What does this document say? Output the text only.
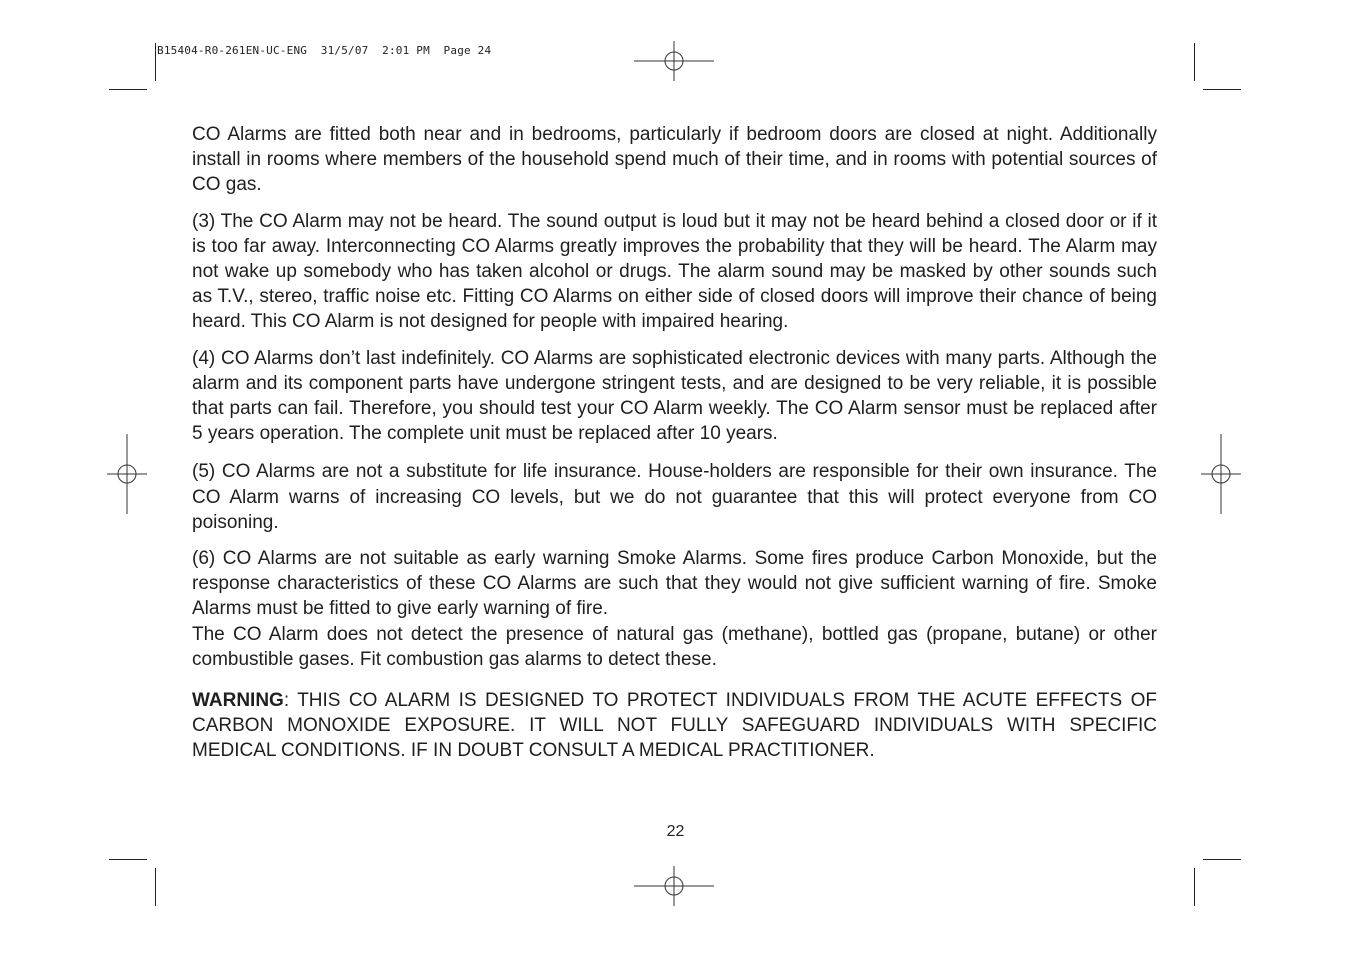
B15404-R0-261EN-UC-ENG  31/5/07  2:01 PM  Page 24

CO Alarms are fitted both near and in bedrooms, particularly if bedroom doors are closed at night. Additionally install in rooms where members of the household spend much of their time, and in rooms with potential sources of CO gas.

(3) The CO Alarm may not be heard. The sound output is loud but it may not be heard behind a closed door or if it is too far away. Interconnecting CO Alarms greatly improves the probability that they will be heard. The Alarm may not wake up somebody who has taken alcohol or drugs. The alarm sound may be masked by other sounds such as T.V., stereo, traffic noise etc. Fitting CO Alarms on either side of closed doors will improve their chance of being heard. This CO Alarm is not designed for people with impaired hearing.

(4) CO Alarms don’t last indefinitely. CO Alarms are sophisticated electronic devices with many parts. Although the alarm and its component parts have undergone stringent tests, and are designed to be very reliable, it is possible that parts can fail. Therefore, you should test your CO Alarm weekly. The CO Alarm sensor must be replaced after 5 years operation. The complete unit must be replaced after 10 years.

(5) CO Alarms are not a substitute for life insurance. House-holders are responsible for their own insurance. The CO Alarm warns of increasing CO levels, but we do not guarantee that this will protect everyone from CO poisoning.

(6) CO Alarms are not suitable as early warning Smoke Alarms. Some fires produce Carbon Monoxide, but the response characteristics of these CO Alarms are such that they would not give sufficient warning of fire. Smoke Alarms must be fitted to give early warning of fire.

The CO Alarm does not detect the presence of natural gas (methane), bottled gas (propane, butane) or other combustible gases. Fit combustion gas alarms to detect these.

WARNING: THIS CO ALARM IS DESIGNED TO PROTECT INDIVIDUALS FROM THE ACUTE EFFECTS OF CARBON MONOXIDE EXPOSURE. IT WILL NOT FULLY SAFEGUARD INDIVIDUALS WITH SPECIFIC MEDICAL CONDITIONS. IF IN DOUBT CONSULT A MEDICAL PRACTITIONER.

22
